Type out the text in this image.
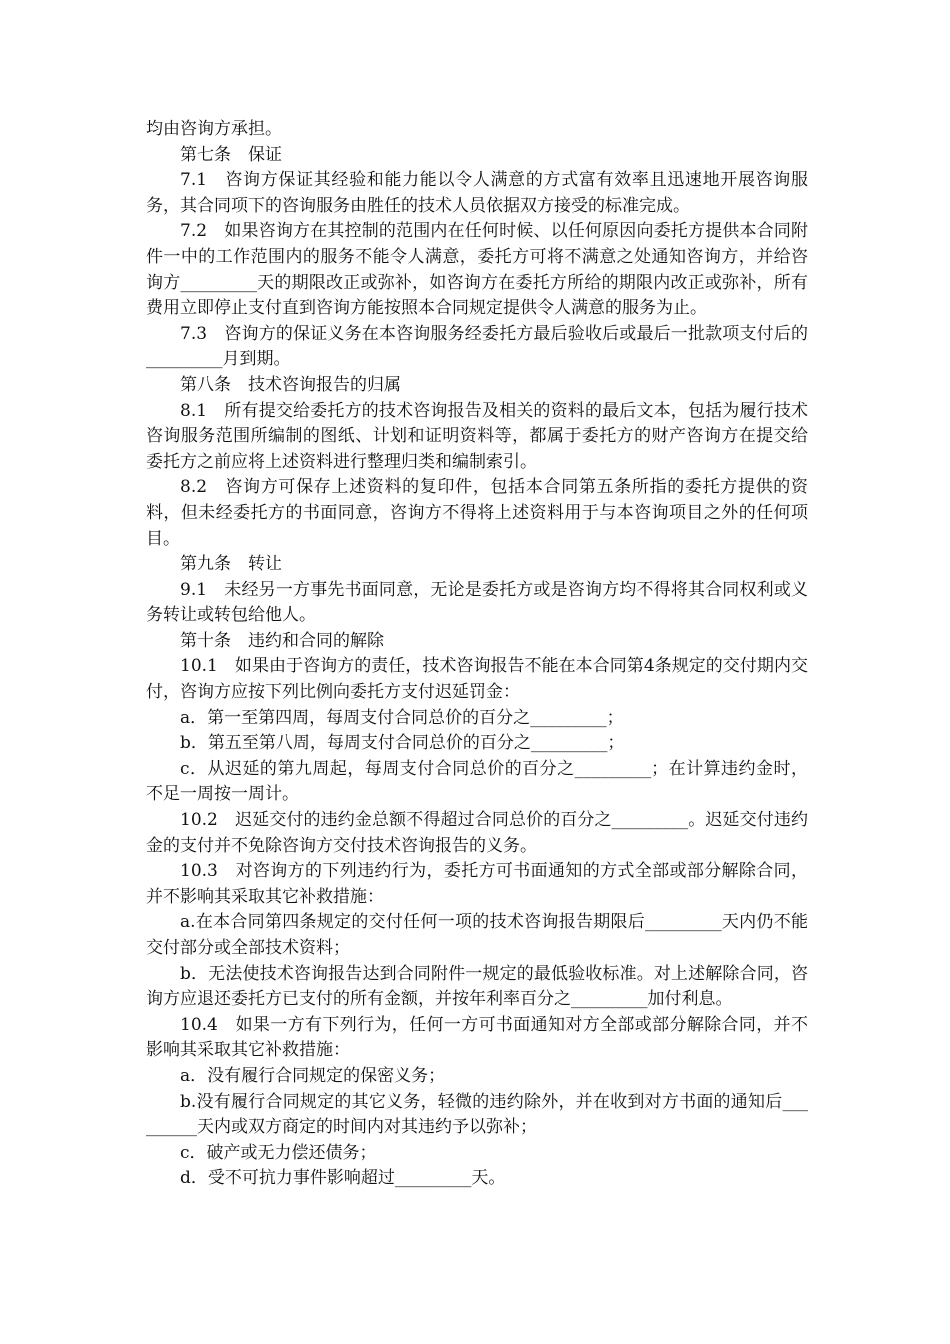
均由咨询方承担。

第七条　保证

7.1　咨询方保证其经验和能力能以令人满意的方式富有效率且迅速地开展咨询服务，其合同项下的咨询服务由胜任的技术人员依据双方接受的标准完成。

7.2　如果咨询方在其控制的范围内在任何时候、以任何原因向委托方提供本合同附件一中的工作范围内的服务不能令人满意，委托方可将不满意之处通知咨询方，并给咨询方_________天的期限改正或弥补，如咨询方在委托方所给的期限内改正或弥补，所有费用立即停止支付直到咨询方能按照本合同规定提供令人满意的服务为止。

7.3　咨询方的保证义务在本咨询服务经委托方最后验收后或最后一批款项支付后的_________月到期。

第八条　技术咨询报告的归属

8.1　所有提交给委托方的技术咨询报告及相关的资料的最后文本，包括为履行技术咨询服务范围所编制的图纸、计划和证明资料等，都属于委托方的财产咨询方在提交给委托方之前应将上述资料进行整理归类和编制索引。

8.2　咨询方可保存上述资料的复印件，包括本合同第五条所指的委托方提供的资料，但未经委托方的书面同意，咨询方不得将上述资料用于与本咨询项目之外的任何项目。

第九条　转让

9.1　未经另一方事先书面同意，无论是委托方或是咨询方均不得将其合同权利或义务转让或转包给他人。

第十条　违约和合同的解除

10.1　如果由于咨询方的责任，技术咨询报告不能在本合同第4条规定的交付期内交付，咨询方应按下列比例向委托方支付迟延罚金：

a．第一至第四周，每周支付合同总价的百分之_________；

b．第五至第八周，每周支付合同总价的百分之_________；

c．从迟延的第九周起，每周支付合同总价的百分之_________；在计算违约金时，不足一周按一周计。

10.2　迟延交付的违约金总额不得超过合同总价的百分之_________。迟延交付违约金的支付并不免除咨询方交付技术咨询报告的义务。

10.3　对咨询方的下列违约行为，委托方可书面通知的方式全部或部分解除合同，并不影响其采取其它补救措施：

a.在本合同第四条规定的交付任何一项的技术咨询报告期限后_________天内仍不能交付部分或全部技术资料；

b．无法使技术咨询报告达到合同附件一规定的最低验收标准。对上述解除合同，咨询方应退还委托方已支付的所有金额，并按年利率百分之_________加付利息。

10.4　如果一方有下列行为，任何一方可书面通知对方全部或部分解除合同，并不影响其采取其它补救措施：

a．没有履行合同规定的保密义务；

b.没有履行合同规定的其它义务，轻微的违约除外，并在收到对方书面的通知后_________天内或双方商定的时间内对其违约予以弥补；

c．破产或无力偿还债务；

d．受不可抗力事件影响超过_________天。
